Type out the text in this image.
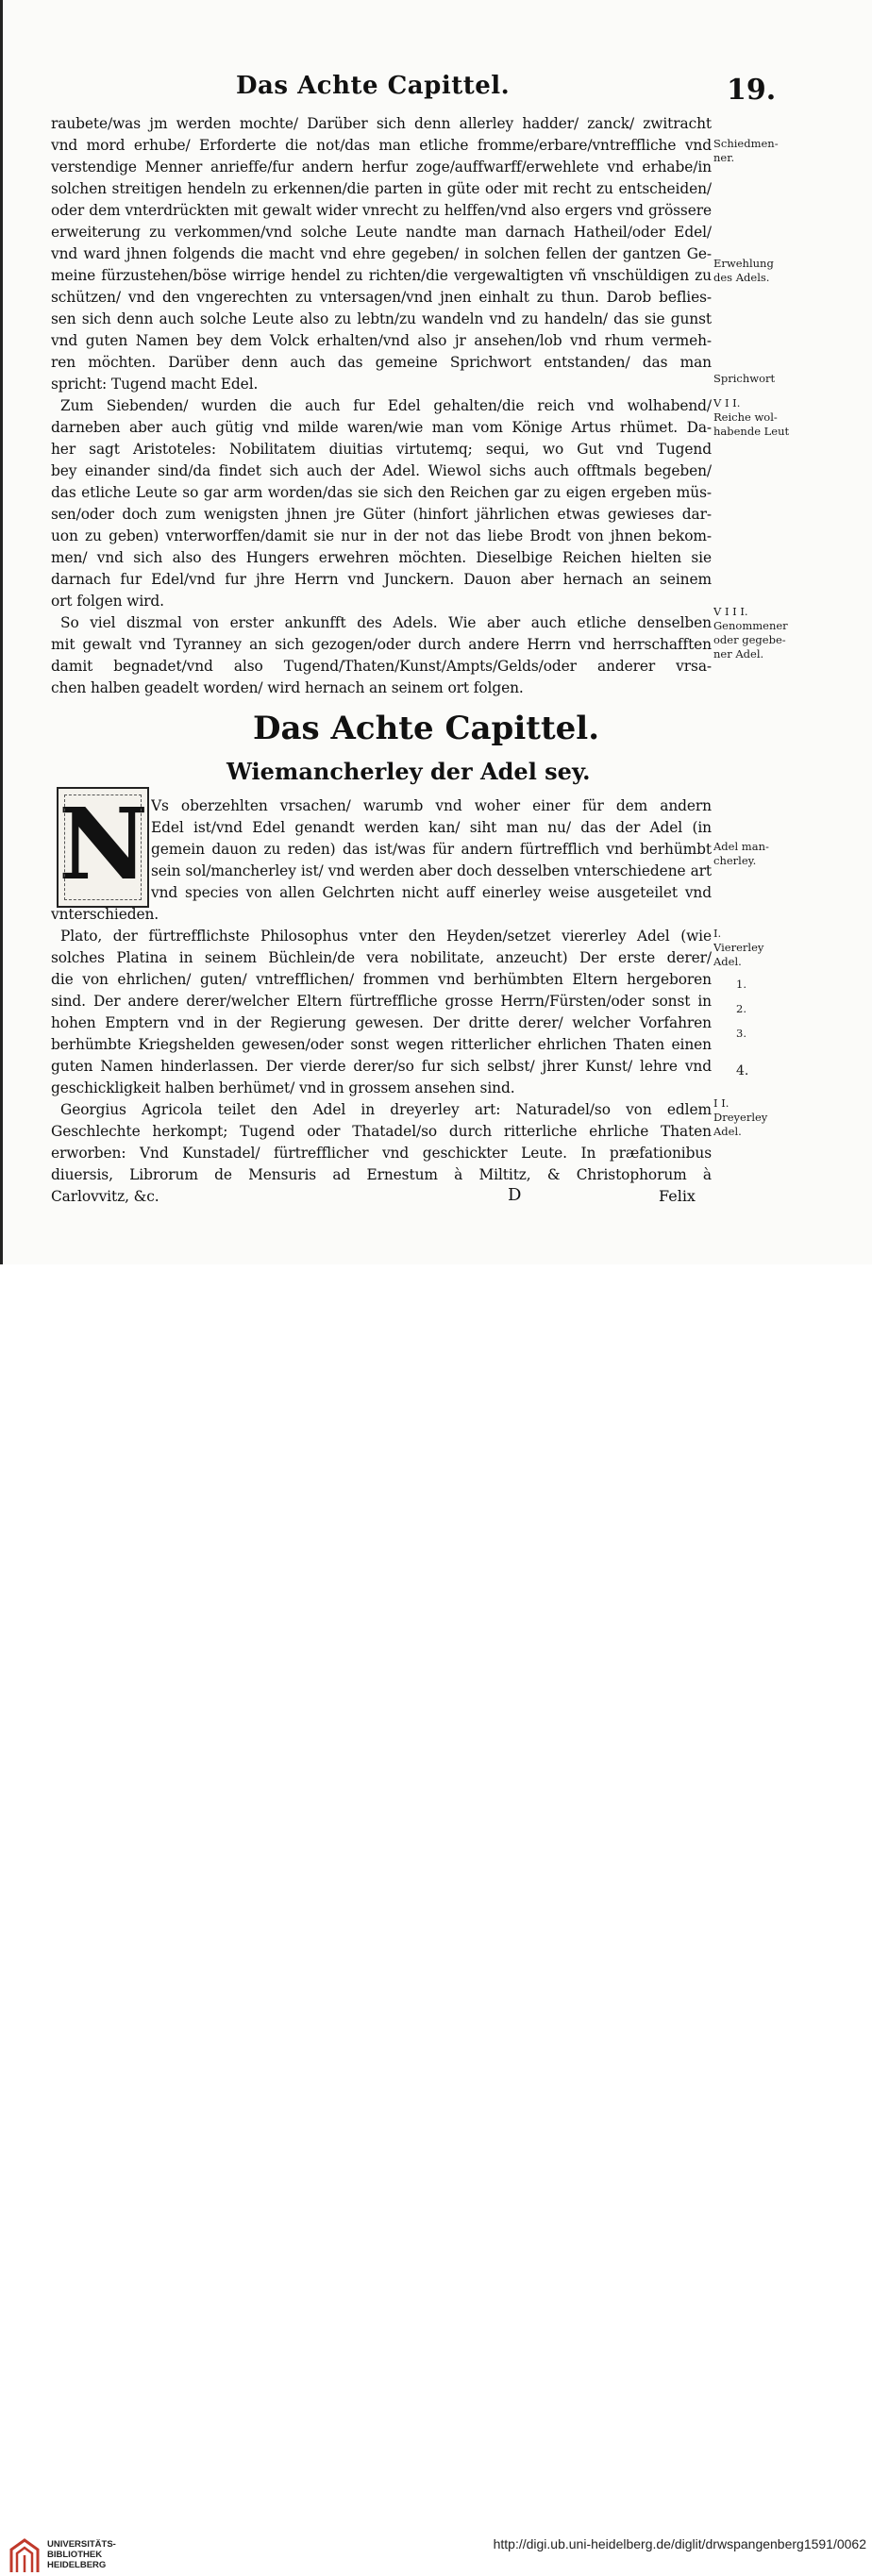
Das Achte Capittel.	19.
raubete/was jm werden mochte/ Darüber sich denn allerley hadder/ zanck/ zwitracht
vnd mord erhube/ Erforderte die not/das man etliche fromme/erbare/vntreffliche vnd
verstendige Menner anrieffe/fur andern herfur zoge/auffwarff/erwehlete vnd erhabe/in
solchen streitigen hendeln zu erkennen/die parten in güte oder mit recht zu entscheiden/
oder dem vnterdrückten mit gewalt wider vnrecht zu helffen/vnd also ergers vnd grössere
erweiterung zu verkommen/vnd solche Leute nandte man darnach Hatheil/oder Edel/
vnd ward jhnen folgends die macht vnd ehre gegeben/ in solchen fellen der gantzen Ge-
meine fürzustehen/böse wirrige hendel zu richten/die vergewaltigten vñ vnschüldigen zu
schützen/ vnd den vngerechten zu vntersagen/vnd jnen einhalt zu thun. Darob beflies-
sen sich denn auch solche Leute also zu lebtn/zu wandeln vnd zu handeln/ das sie gunst
vnd guten Namen bey dem Volck erhalten/vnd also jr ansehen/lob vnd rhum vermeh-
ren möchten. Darüber denn auch das gemeine Sprichwort entstanden/ das man
spricht: Tugend macht Edel.
Zum Siebenden/ wurden die auch fur Edel gehalten/die reich vnd wolhabend/
darneben aber auch gütig vnd milde waren/wie man vom Könige Artus rhümet. Da-
her sagt Aristoteles: Nobilitatem diuitias virtutemq; sequi, wo Gut vnd Tugend
bey einander sind/da findet sich auch der Adel. Wiewol sichs auch offtmals begeben/
das etliche Leute so gar arm worden/das sie sich den Reichen gar zu eigen ergeben müs-
sen/oder doch zum wenigsten jhnen jre Güter (hinfort jährlichen etwas gewieses dar-
uon zu geben) vnterworffen/damit sie nur in der not das liebe Brodt von jhnen bekom-
men/ vnd sich also des Hungers erwehren möchten. Dieselbige Reichen hielten sie
darnach fur Edel/vnd fur jhre Herrn vnd Junckern. Dauon aber hernach an seinem
ort folgen wird.
So viel diszmal von erster ankunfft des Adels. Wie aber auch etliche denselben
mit gewalt vnd Tyranney an sich gezogen/oder durch andere Herrn vnd herrschafften
damit begnadet/vnd also Tugend/Thaten/Kunst/Ampts/Gelds/oder anderer vrsa-
chen halben geadelt worden/ wird hernach an seinem ort folgen.
Das Achte Capittel.
Wiemancherley der Adel sey.
N Vs oberzehlten vrsachen/ warumb vnd woher einer für dem andern
Edel ist/vnd Edel genandt werden kan/ siht man nu/ das der Adel (in
gemein dauon zu reden) das ist/was für andern fürtrefflich vnd berhümbt
sein sol/mancherley ist/ vnd werden aber doch desselben vnterschiedene art
vnd species von allen Gelchrten nicht auff einerley weise ausgeteilet vnd
vnterschieden.
Plato, der fürtrefflichste Philosophus vnter den Heyden/setzet viererley Adel (wie
solches Platina in seinem Büchlein/de vera nobilitate, anzeucht) Der erste derer/
die von ehrlichen/ guten/ vntrefflichen/ frommen vnd berhümbten Eltern hergeboren
sind. Der andere derer/welcher Eltern fürtreffliche grosse Herrn/Fürsten/oder sonst in
hohen Emptern vnd in der Regierung gewesen. Der dritte derer/ welcher Vorfahren
berhümbte Kriegshelden gewesen/oder sonst wegen ritterlicher ehrlichen Thaten einen
guten Namen hinderlassen. Der vierde derer/so fur sich selbst/ jhrer Kunst/ lehre vnd
geschickligkeit halben berhümet/ vnd in grossem ansehen sind.
Georgius Agricola teilet den Adel in dreyerley art: Naturadel/so von edlem
Geschlechte herkompt; Tugend oder Thatadel/so durch ritterliche ehrliche Thaten
erworben: Vnd Kunstadel/ fürtrefflicher vnd geschickter Leute. In præfationibus
diuersis, Librorum de Mensuris ad Ernestum à Miltitz, & Christophorum à
Carlovvitz, &c.	D	Felix
Schiedmen-
ner.
Erwehlung
des Adels.
Sprichwort
V I I.
Reiche wol-
habende Leut
V I I I.
Genommener
oder gegebe-
ner Adel.
Adel man-
cherley.
I.
Viererley
Adel.
1.
2.
3.
4.
I I.
Dreyerley
Adel.
UNIVERSITÄTS-
BIBLIOTHEK
HEIDELBERG
http://digi.ub.uni-heidelberg.de/diglit/drwspangenberg1591/0062
